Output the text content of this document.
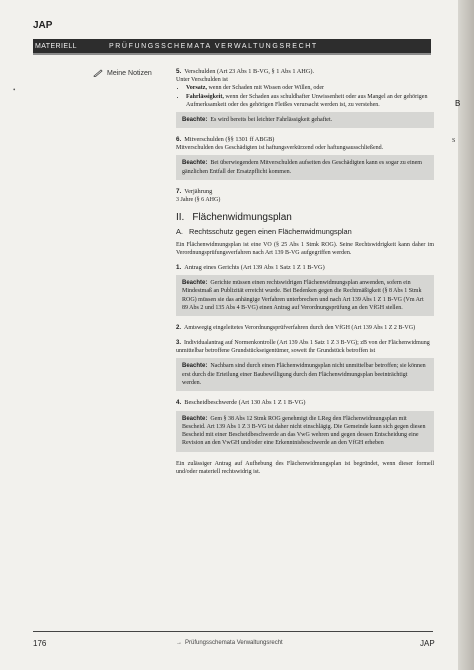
B
S
JAP
MATERIELL	PRÜFUNGSSCHEMATA VERWALTUNGSRECHT
•
Meine Notizen	5. Verschulden (Art 23 Abs 1 B-VG, § 1 Abs 1 AHG).
Unter Verschulden ist
• Vorsatz, wenn der Schaden mit Wissen oder Willen, oder
• Fahrlässigkeit, wenn der Schaden aus schuldhafter Unwissenheit oder aus Mangel an der gehörigen Aufmerksamkeit oder des gehörigen Fleißes verursacht werden ist, zu verstehen.
Beachte: Es wird bereits bei leichter Fahrlässigkeit gehaftet.
6. Mitverschulden (§§ 1301 ff ABGB)
Mitverschulden des Geschädigten ist haftungsverkürzend oder haftungsausschließend.
Beachte: Bei überwiegendem Mitverschulden aufseiten des Geschädigten kann es sogar zu einem gänzlichen Entfall der Ersatzpflicht kommen.
7. Verjährung
3 Jahre (§ 6 AHG)
II. Flächenwidmungsplan
A. Rechtsschutz gegen einen Flächenwidmungsplan

Ein Flächenwidmungsplan ist eine VO (§ 25 Abs 1 Stmk ROG). Seine Rechtswidrigkeit kann daher im Verordnungsprüfungsverfahren nach Art 139 B-VG aufgegriffen werden.

1. Antrag eines Gerichts (Art 139 Abs 1 Satz 1 Z 1 B-VG)
Beachte: Gerichte müssen einen rechtswidrigen Flächenwidmungsplan anwenden, sofern ein Mindestmaß an Publizität erreicht wurde. Bei Bedenken gegen die Rechtmäßigkeit (§ 8 Abs 1 Stmk ROG) müssen sie das anhängige Verfahren unterbrechen und nach Art 139 Abs 1 Z 1 B-VG (Vm Art 89 Abs 2 und 135 Abs 4 B-VG) einen Antrag auf Verordnungsprüfung an den VfGH stellen.
2. Amtswegig eingeleitetes Verordnungsprüfverfahren durch den VfGH (Art 139 Abs 1 Z 2 B-VG)
3. Individualantrag auf Normenkontrolle (Art 139 Abs 1 Satz 1 Z 3 B-VG); zB von der Flächenwidmung unmittelbar betroffene Grundstückseigentümer, soweit ihr Grundstück betroffen ist
Beachte: Nachbarn sind durch einen Flächenwidmungsplan nicht unmittelbar betroffen; sie können erst durch die Erteilung einer Baubewilligung durch den Flächenwidmungsplan beeinträchtigt werden.
4. Bescheidbeschwerde (Art 130 Abs 1 Z 1 B-VG)
Beachte: Gem § 38 Abs 12 Stmk ROG genehmigt die LReg den Flächenwidmungsplan mit Bescheid. Art 139 Abs 1 Z 3 B-VG ist daher nicht einschlägig. Die Gemeinde kann sich gegen diesen Bescheid mit einer Bescheidbeschwerde an das VwG wehren und gegen dessen Entscheidung eine Revision an den VwGH und/oder eine Erkenntnisbeschwerde an den VfGH erheben

Ein zulässiger Antrag auf Aufhebung des Flächenwidmungsplan ist begründet, wenn dieser formell und/oder materiell rechtswidrig ist.

176	→ Prüfungsschemata Verwaltungsrecht	JAP
